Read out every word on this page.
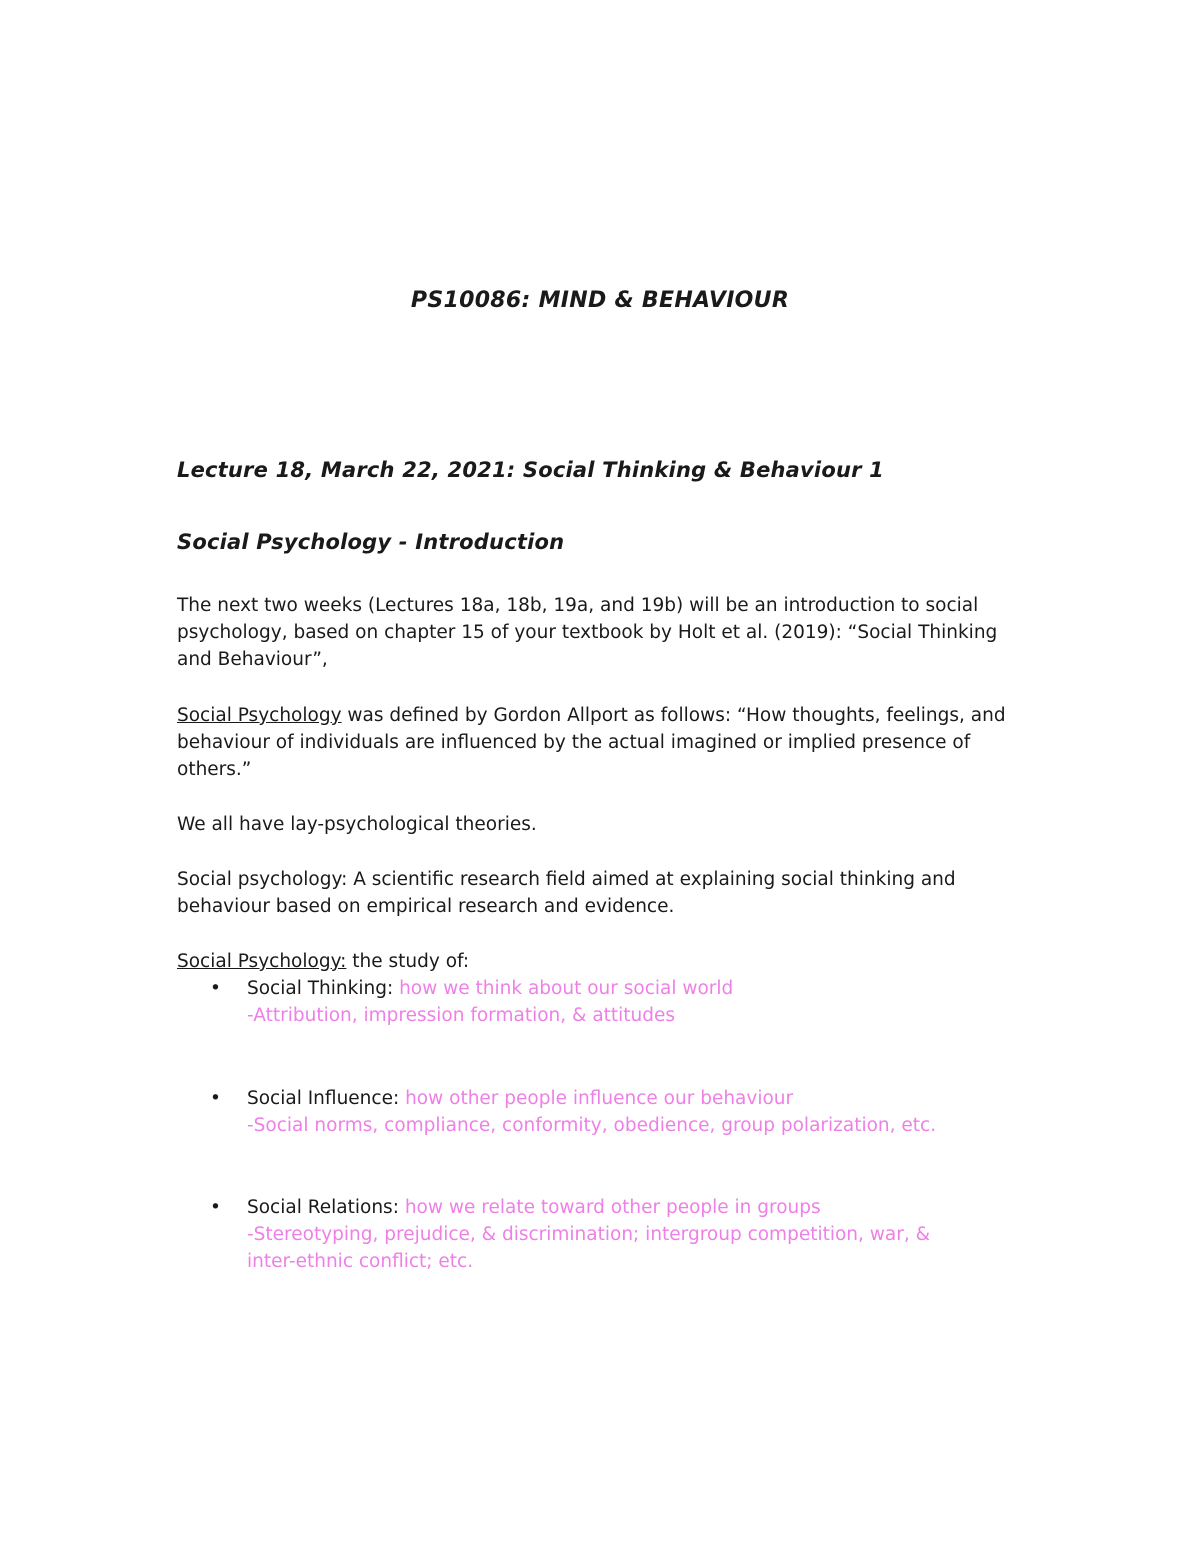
PS10086: MIND & BEHAVIOUR
Lecture 18, March 22, 2021: Social Thinking & Behaviour 1
Social Psychology - Introduction
The next two weeks (Lectures 18a, 18b, 19a, and 19b) will be an introduction to social psychology, based on chapter 15 of your textbook by Holt et al. (2019): “Social Thinking and Behaviour”,
Social Psychology was defined by Gordon Allport as follows: “How thoughts, feelings, and behaviour of individuals are influenced by the actual imagined or implied presence of others.”
We all have lay-psychological theories.
Social psychology: A scientific research field aimed at explaining social thinking and behaviour based on empirical research and evidence.
Social Psychology: the study of:
• Social Thinking: how we think about our social world
-Attribution, impression formation, & attitudes
• Social Influence: how other people influence our behaviour
-Social norms, compliance, conformity, obedience, group polarization, etc.
• Social Relations: how we relate toward other people in groups
-Stereotyping, prejudice, & discrimination; intergroup competition, war, & inter-ethnic conflict; etc.
